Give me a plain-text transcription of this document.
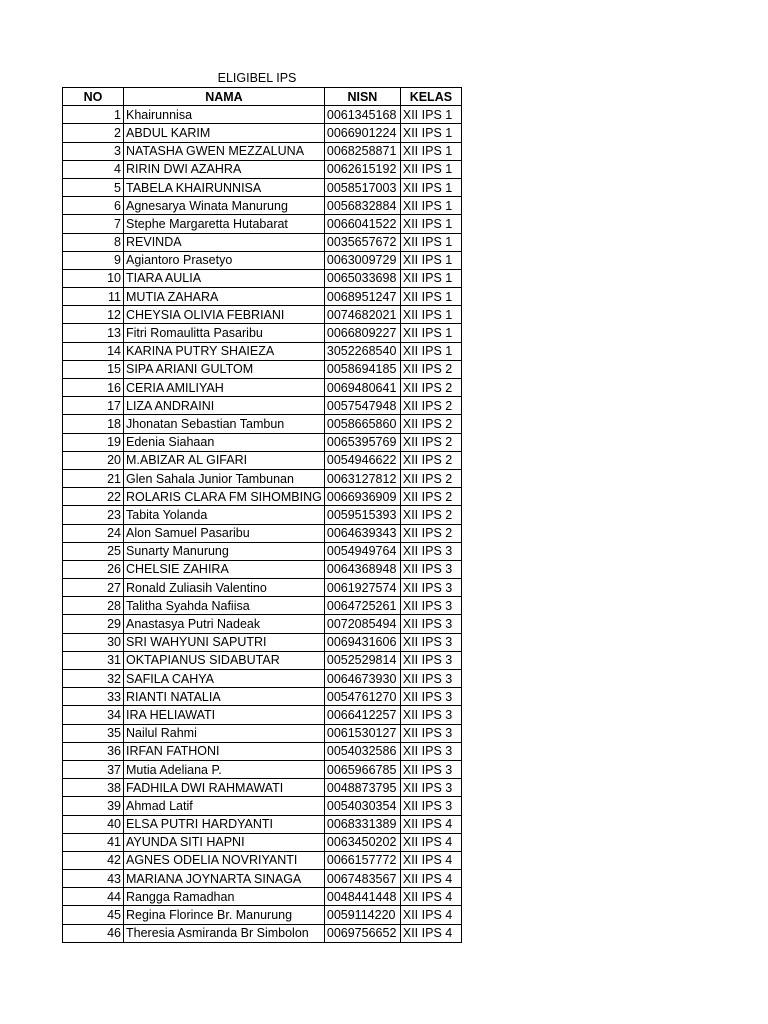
ELIGIBEL IPS
NO	NAMA	NISN	KELAS
1	Khairunnisa	0061345168	XII IPS 1
2	ABDUL KARIM	0066901224	XII IPS 1
3	NATASHA GWEN MEZZALUNA	0068258871	XII IPS 1
4	RIRIN DWI AZAHRA	0062615192	XII IPS 1
5	TABELA KHAIRUNNISA	0058517003	XII IPS 1
6	Agnesarya Winata Manurung	0056832884	XII IPS 1
7	Stephe Margaretta Hutabarat	0066041522	XII IPS 1
8	REVINDA	0035657672	XII IPS 1
9	Agiantoro Prasetyo	0063009729	XII IPS 1
10	TIARA AULIA	0065033698	XII IPS 1
11	MUTIA ZAHARA	0068951247	XII IPS 1
12	CHEYSIA OLIVIA FEBRIANI	0074682021	XII IPS 1
13	Fitri Romaulitta Pasaribu	0066809227	XII IPS 1
14	KARINA PUTRY SHAIEZA	3052268540	XII IPS 1
15	SIPA ARIANI GULTOM	0058694185	XII IPS 2
16	CERIA AMILIYAH	0069480641	XII IPS 2
17	LIZA ANDRAINI	0057547948	XII IPS 2
18	Jhonatan Sebastian Tambun	0058665860	XII IPS 2
19	Edenia Siahaan	0065395769	XII IPS 2
20	M.ABIZAR AL GIFARI	0054946622	XII IPS 2
21	Glen Sahala Junior Tambunan	0063127812	XII IPS 2
22	ROLARIS CLARA FM SIHOMBING	0066936909	XII IPS 2
23	Tabita Yolanda	0059515393	XII IPS 2
24	Alon Samuel Pasaribu	0064639343	XII IPS 2
25	Sunarty Manurung	0054949764	XII IPS 3
26	CHELSIE ZAHIRA	0064368948	XII IPS 3
27	Ronald Zuliasih Valentino	0061927574	XII IPS 3
28	Talitha Syahda Nafiisa	0064725261	XII IPS 3
29	Anastasya Putri Nadeak	0072085494	XII IPS 3
30	SRI WAHYUNI SAPUTRI	0069431606	XII IPS 3
31	OKTAPIANUS SIDABUTAR	0052529814	XII IPS 3
32	SAFILA CAHYA	0064673930	XII IPS 3
33	RIANTI NATALIA	0054761270	XII IPS 3
34	IRA HELIAWATI	0066412257	XII IPS 3
35	Nailul Rahmi	0061530127	XII IPS 3
36	IRFAN FATHONI	0054032586	XII IPS 3
37	Mutia Adeliana P.	0065966785	XII IPS 3
38	FADHILA DWI RAHMAWATI	0048873795	XII IPS 3
39	Ahmad Latif	0054030354	XII IPS 3
40	ELSA PUTRI HARDYANTI	0068331389	XII IPS 4
41	AYUNDA SITI HAPNI	0063450202	XII IPS 4
42	AGNES ODELIA NOVRIYANTI	0066157772	XII IPS 4
43	MARIANA JOYNARTA SINAGA	0067483567	XII IPS 4
44	Rangga Ramadhan	0048441448	XII IPS 4
45	Regina Florince Br. Manurung	0059114220	XII IPS 4
46	Theresia Asmiranda Br Simbolon	0069756652	XII IPS 4
